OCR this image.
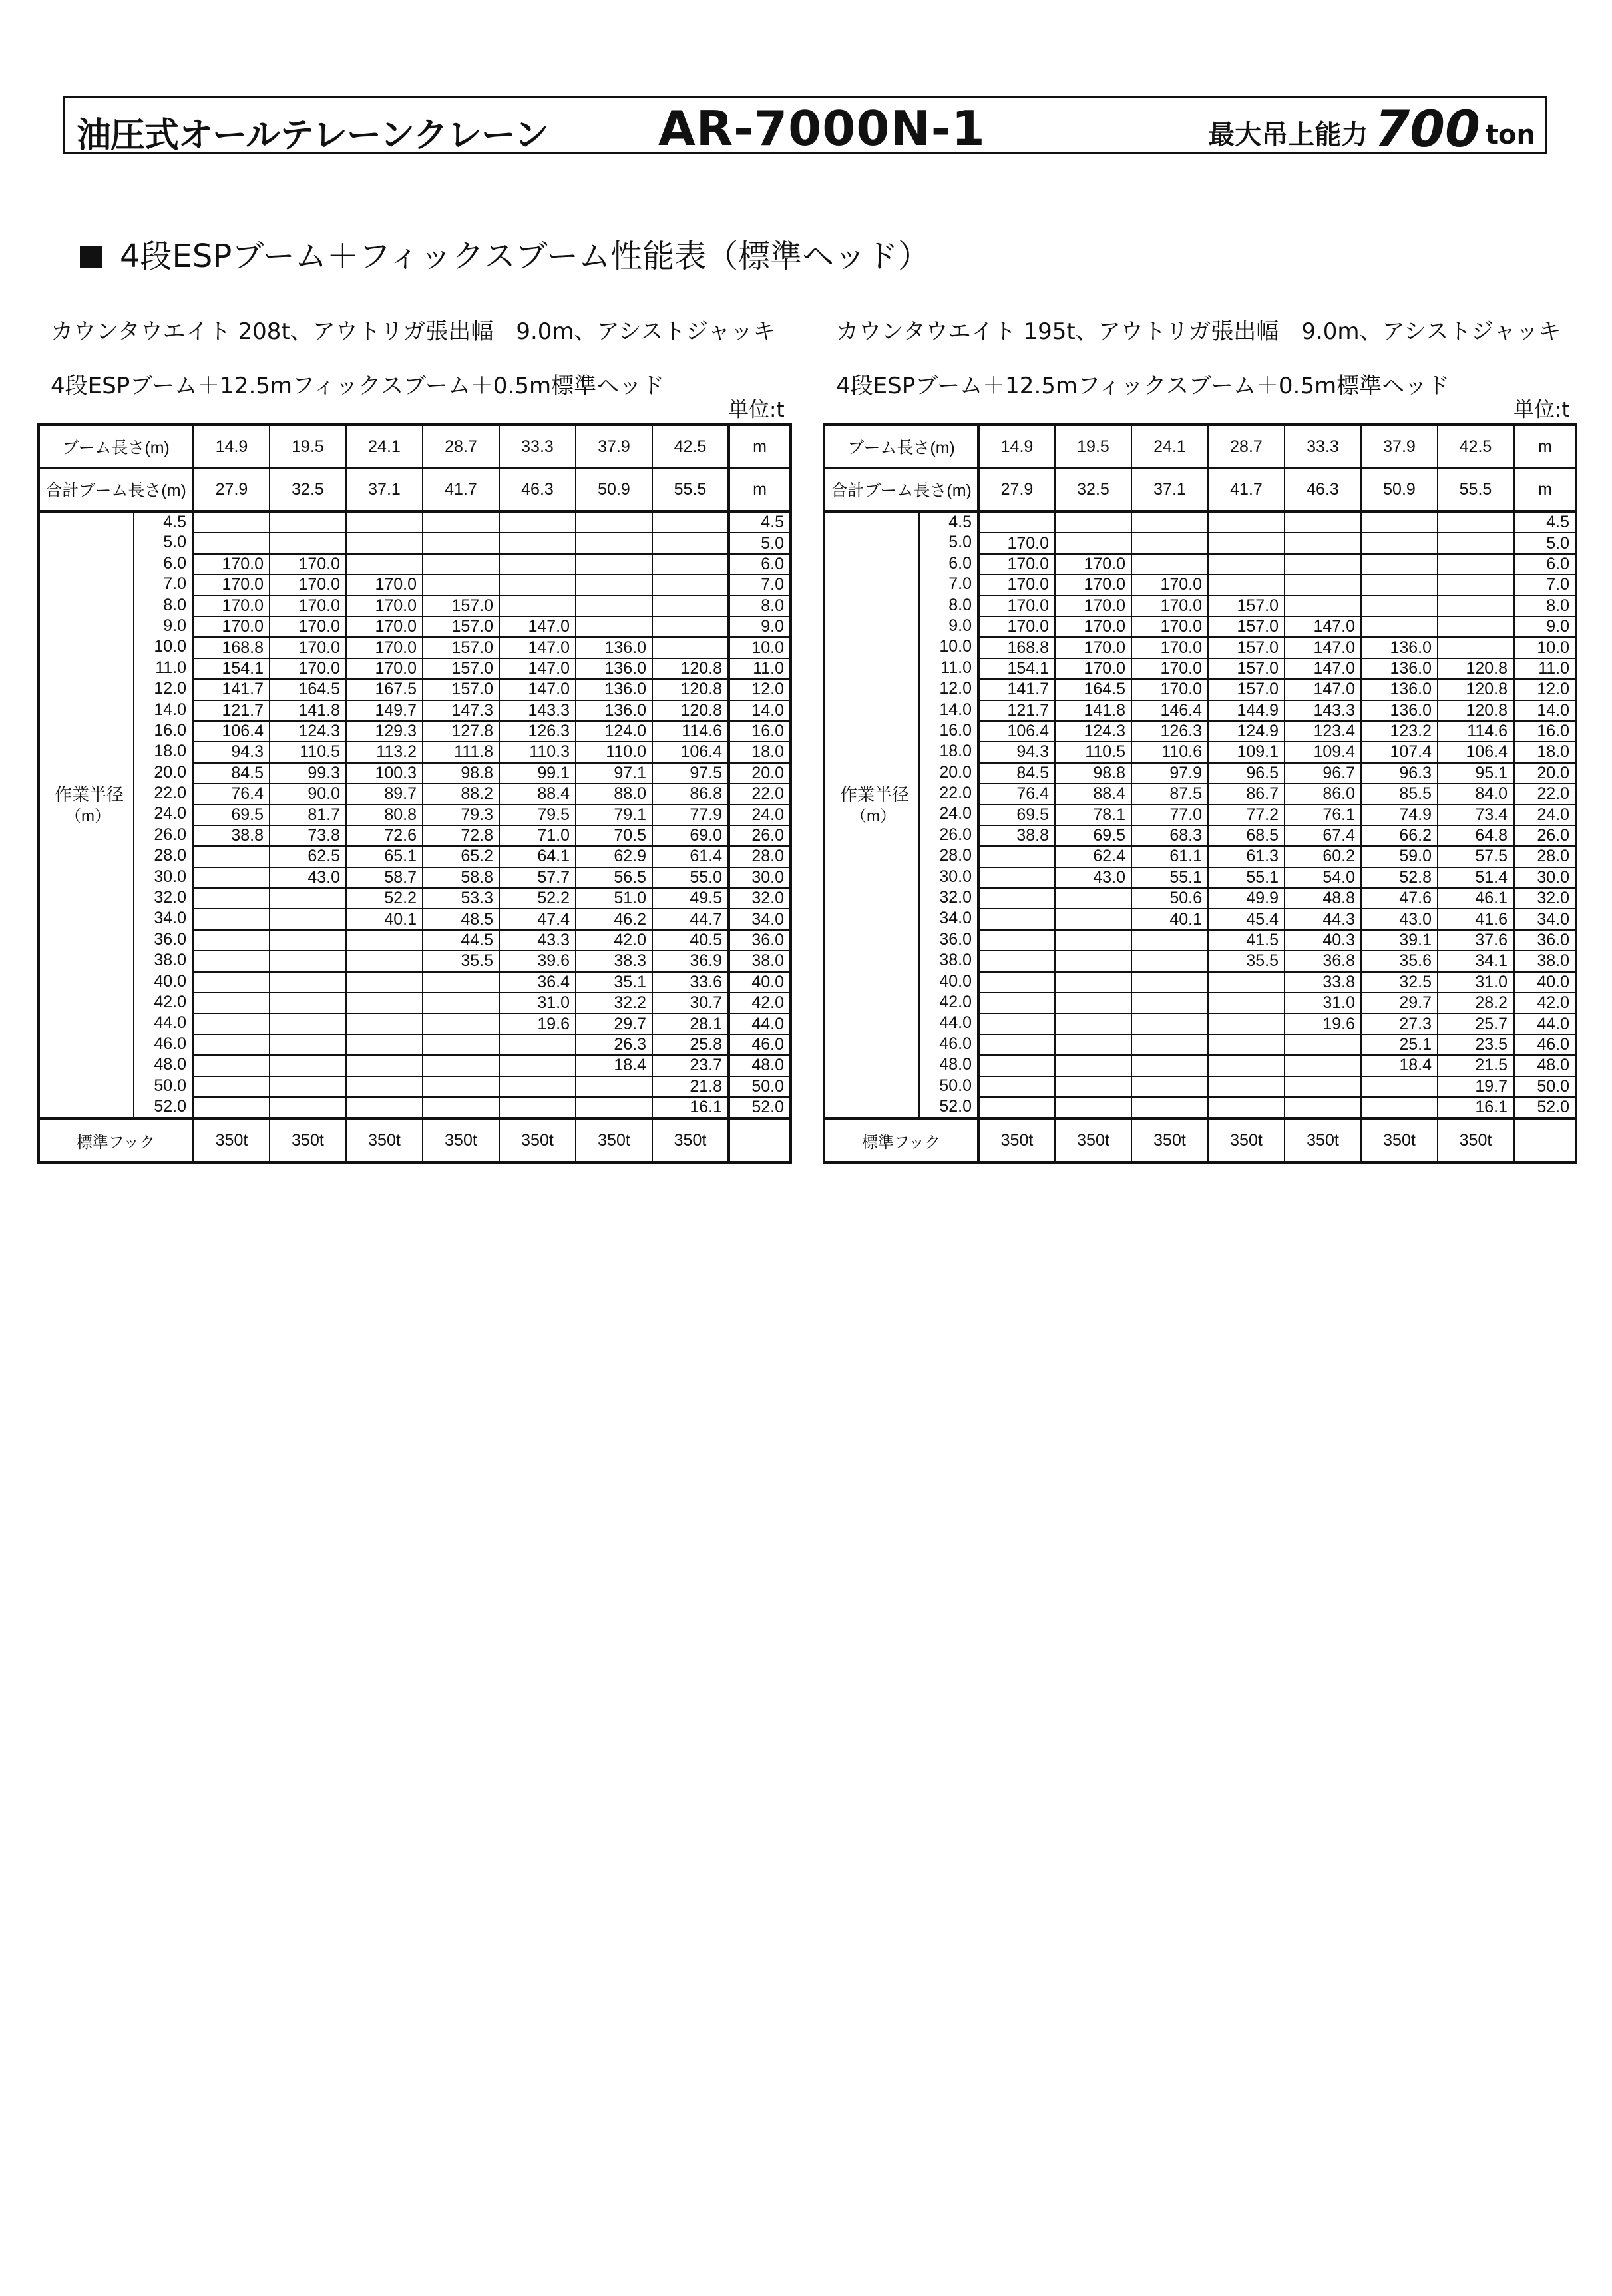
油圧式オールテレーンクレーン AR-7000N-1	最大吊上能力 700 ton
4段ESPブーム＋フィックスブーム性能表（標準ヘッド）
カウンタウエイト 208t、アウトリガ張出幅　9.0m、アシストジャッキ
4段ESPブーム＋12.5mフィックスブーム＋0.5m標準ヘッド
単位:t
ブーム長さ(m)	14.9	19.5	24.1	28.7	33.3	37.9	42.5	m
合計ブーム長さ(m)	27.9	32.5	37.1	41.7	46.3	50.9	55.5	m

4.5								4.5

5.0								5.0

6.0	170.0	170.0						6.0

7.0	170.0	170.0	170.0					7.0

8.0	170.0	170.0	170.0	157.0				8.0

9.0	170.0	170.0	170.0	157.0	147.0			9.0

10.0	168.8	170.0	170.0	157.0	147.0	136.0		10.0

11.0	154.1	170.0	170.0	157.0	147.0	136.0	120.8	11.0

12.0	141.7	164.5	167.5	157.0	147.0	136.0	120.8	12.0

14.0	121.7	141.8	149.7	147.3	143.3	136.0	120.8	14.0

16.0	106.4	124.3	129.3	127.8	126.3	124.0	114.6	16.0

18.0	94.3	110.5	113.2	111.8	110.3	110.0	106.4	18.0

20.0	84.5	99.3	100.3	98.8	99.1	97.1	97.5	20.0

作業半径 22.0	76.4	90.0	89.7	88.2	88.4	88.0	86.8	22.0

（m） 24.0	69.5	81.7	80.8	79.3	79.5	79.1	77.9	24.0

26.0	38.8	73.8	72.6	72.8	71.0	70.5	69.0	26.0

28.0		62.5	65.1	65.2	64.1	62.9	61.4	28.0

30.0		43.0	58.7	58.8	57.7	56.5	55.0	30.0

32.0			52.2	53.3	52.2	51.0	49.5	32.0

34.0			40.1	48.5	47.4	46.2	44.7	34.0

36.0				44.5	43.3	42.0	40.5	36.0

38.0				35.5	39.6	38.3	36.9	38.0

40.0					36.4	35.1	33.6	40.0

42.0					31.0	32.2	30.7	42.0

44.0					19.6	29.7	28.1	44.0

46.0						26.3	25.8	46.0

48.0						18.4	23.7	48.0

50.0							21.8	50.0

52.0							16.1	52.0
標準フック	350t	350t	350t	350t	350t	350t	350t	
カウンタウエイト 195t、アウトリガ張出幅　9.0m、アシストジャッキ
4段ESPブーム＋12.5mフィックスブーム＋0.5m標準ヘッド
単位:t
ブーム長さ(m)	14.9	19.5	24.1	28.7	33.3	37.9	42.5	m
合計ブーム長さ(m)	27.9	32.5	37.1	41.7	46.3	50.9	55.5	m

4.5								4.5

5.0	170.0							5.0

6.0	170.0	170.0						6.0

7.0	170.0	170.0	170.0					7.0

8.0	170.0	170.0	170.0	157.0				8.0

9.0	170.0	170.0	170.0	157.0	147.0			9.0

10.0	168.8	170.0	170.0	157.0	147.0	136.0		10.0

11.0	154.1	170.0	170.0	157.0	147.0	136.0	120.8	11.0

12.0	141.7	164.5	170.0	157.0	147.0	136.0	120.8	12.0

14.0	121.7	141.8	146.4	144.9	143.3	136.0	120.8	14.0

16.0	106.4	124.3	126.3	124.9	123.4	123.2	114.6	16.0

18.0	94.3	110.5	110.6	109.1	109.4	107.4	106.4	18.0

20.0	84.5	98.8	97.9	96.5	96.7	96.3	95.1	20.0

作業半径 22.0	76.4	88.4	87.5	86.7	86.0	85.5	84.0	22.0

（m） 24.0	69.5	78.1	77.0	77.2	76.1	74.9	73.4	24.0

26.0	38.8	69.5	68.3	68.5	67.4	66.2	64.8	26.0

28.0		62.4	61.1	61.3	60.2	59.0	57.5	28.0

30.0		43.0	55.1	55.1	54.0	52.8	51.4	30.0

32.0			50.6	49.9	48.8	47.6	46.1	32.0

34.0			40.1	45.4	44.3	43.0	41.6	34.0

36.0				41.5	40.3	39.1	37.6	36.0

38.0				35.5	36.8	35.6	34.1	38.0

40.0					33.8	32.5	31.0	40.0

42.0					31.0	29.7	28.2	42.0

44.0					19.6	27.3	25.7	44.0

46.0						25.1	23.5	46.0

48.0						18.4	21.5	48.0

50.0							19.7	50.0

52.0							16.1	52.0
標準フック	350t	350t	350t	350t	350t	350t	350t	
